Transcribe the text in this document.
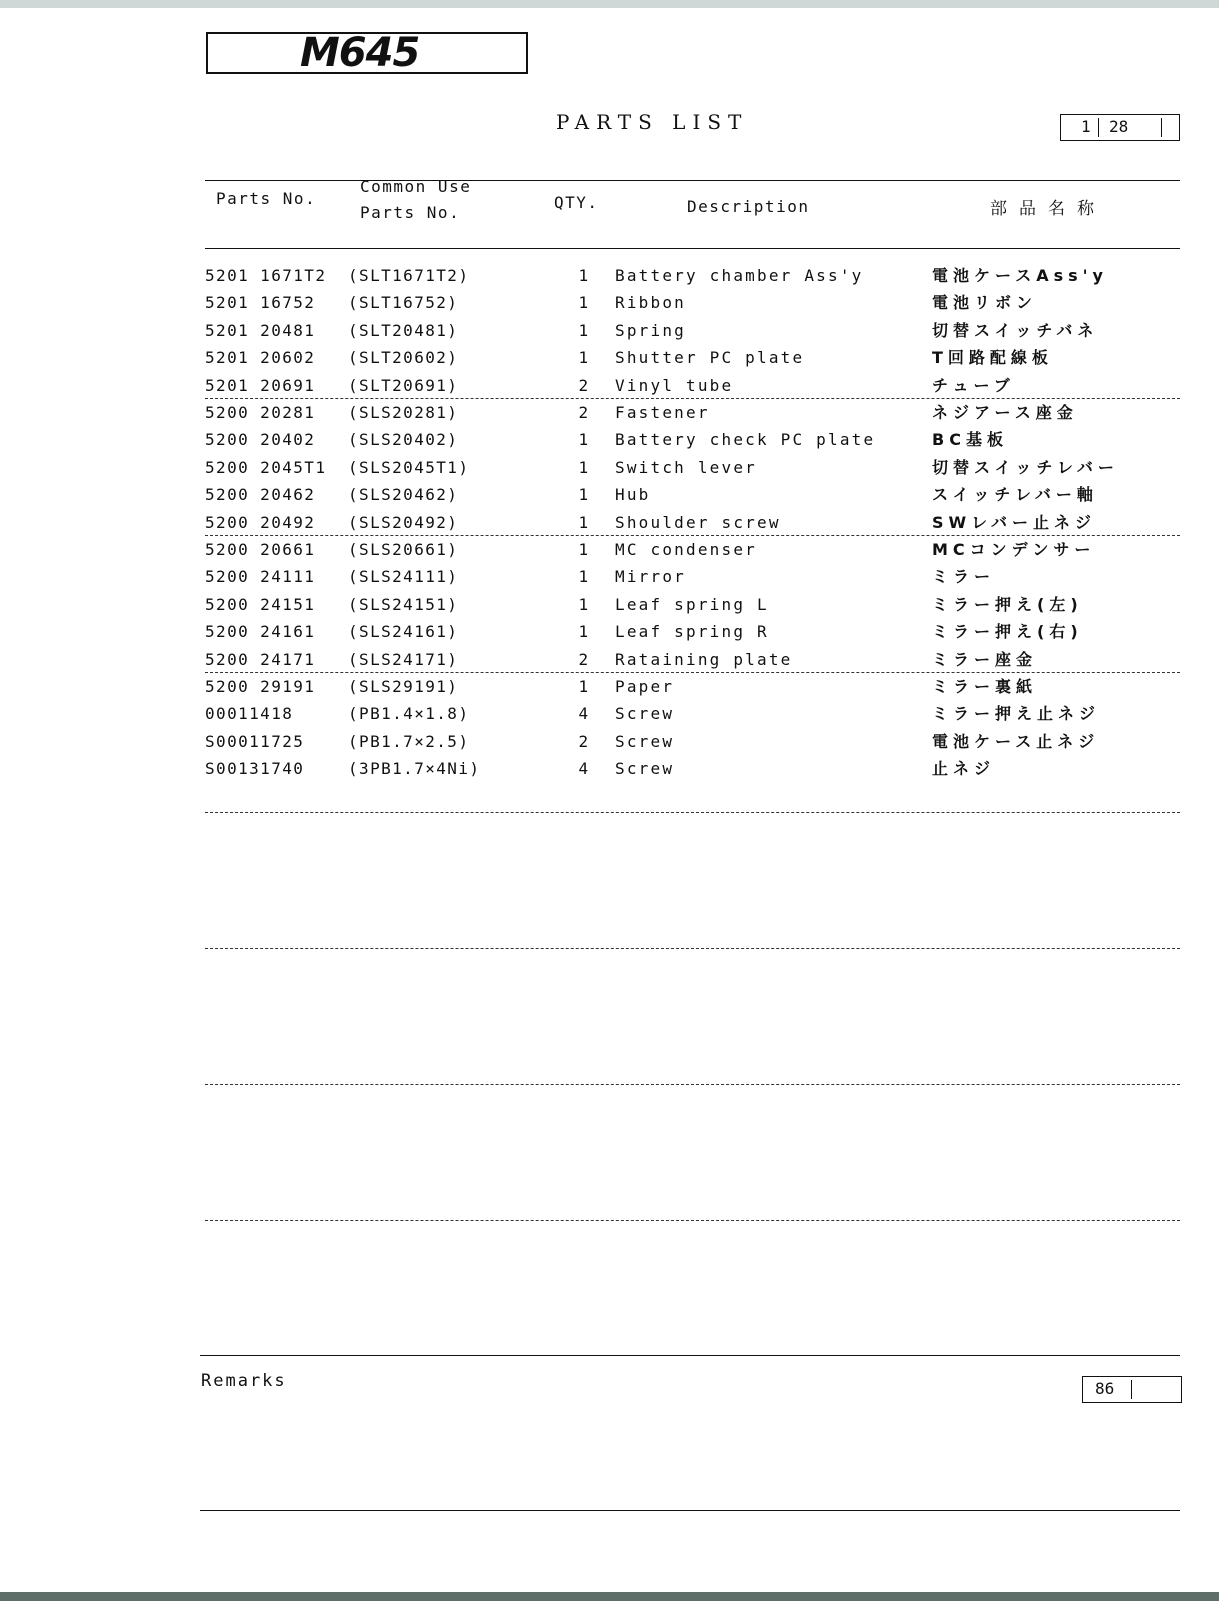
M645
PARTS LIST	1 28
Parts No.
Common Use
Parts No.
QTY.	Description	部品名称
5201 1671T2 (SLT1671T2)	1 Battery chamber Ass'y	電池ケースAss'y
5201 16752 (SLT16752)	1 Ribbon	電池リボン
5201 20481 (SLT20481)	1 Spring	切替スイッチバネ
5201 20602 (SLT20602)	1 Shutter PC plate	T回路配線板
5201 20691 (SLT20691)	2 Vinyl tube	チューブ
5200 20281 (SLS20281)	2 Fastener	ネジアース座金
5200 20402 (SLS20402)	1 Battery check PC plate	BC基板
5200 2045T1 (SLS2045T1)	1 Switch lever	切替スイッチレバー
5200 20462 (SLS20462)	1 Hub	スイッチレバー軸
5200 20492 (SLS20492)	1 Shoulder screw	SWレバー止ネジ
5200 20661 (SLS20661)	1 MC condenser	MCコンデンサー
5200 24111 (SLS24111)	1 Mirror	ミラー
5200 24151 (SLS24151)	1 Leaf spring L	ミラー押え(左)
5200 24161 (SLS24161)	1 Leaf spring R	ミラー押え(右)
5200 24171 (SLS24171)	2 Rataining plate	ミラー座金
5200 29191 (SLS29191)	1 Paper	ミラー裏紙
00011418	(PB1.4×1.8)	4 Screw	ミラー押え止ネジ
S00011725	(PB1.7×2.5)	2 Screw	電池ケース止ネジ
S00131740	(3PB1.7×4Ni)	4 Screw	止ネジ
Remarks	86
